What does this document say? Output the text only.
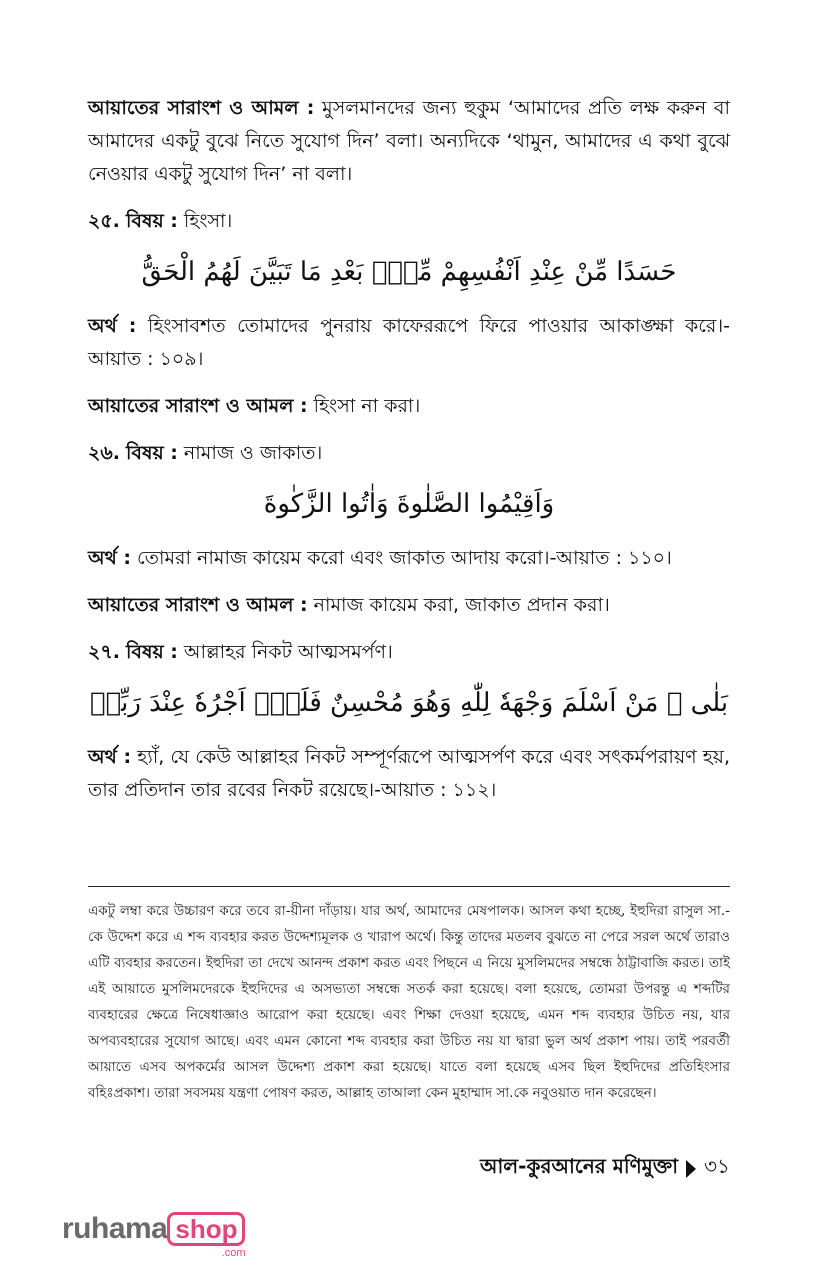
আয়াতের সারাংশ ও আমল : মুসলমানদের জন্য হুকুম ‘আমাদের প্রতি লক্ষ করুন বা আমাদের একটু বুঝে নিতে সুযোগ দিন’ বলা। অন্যদিকে ‘থামুন, আমাদের এ কথা বুঝে নেওয়ার একটু সুযোগ দিন’ না বলা।

২৫. বিষয় : হিংসা।
حَسَدًا مِّنْ عِنْدِ اَنْفُسِهِمْ مِّنْۢ بَعْدِ مَا تَبَيَّنَ لَهُمُ الْحَقُّ

অর্থ : হিংসাবশত তোমাদের পুনরায় কাফেররূপে ফিরে পাওয়ার আকাঙ্ক্ষা করে।-আয়াত : ১০৯।

আয়াতের সারাংশ ও আমল : হিংসা না করা।

২৬. বিষয় : নামাজ ও জাকাত।
وَاَقِيْمُوا الصَّلٰوةَ وَاٰتُوا الزَّكٰوةَ

অর্থ : তোমরা নামাজ কায়েম করো এবং জাকাত আদায় করো।-আয়াত : ১১০।

আয়াতের সারাংশ ও আমল : নামাজ কায়েম করা, জাকাত প্রদান করা।

২৭. বিষয় : আল্লাহর নিকট আত্মসমর্পণ।
بَلٰى ۚ مَنْ اَسْلَمَ وَجْهَهٗ لِلّٰهِ وَهُوَ مُحْسِنٌ فَلَهٗۤ اَجْرُهٗ عِنْدَ رَبِّهٖ

অর্থ : হ্যাঁ, যে কেউ আল্লাহর নিকট সম্পূর্ণরূপে আত্মসর্পণ করে এবং সৎকর্মপরায়ণ হয়, তার প্রতিদান তার রবের নিকট রয়েছে।-আয়াত : ১১২।

একটু লম্বা করে উচ্চারণ করে তবে রা-য়ীনা দাঁড়ায়। যার অর্থ, আমাদের মেষপালক। আসল কথা হচ্ছে, ইহুদিরা রাসুল সা.-কে উদ্দেশ করে এ শব্দ ব্যবহার করত উদ্দেশ্যমূলক ও খারাপ অর্থে। কিন্তু তাদের মতলব বুঝতে না পেরে সরল অর্থে তারাও এটি ব্যবহার করতেন। ইহুদিরা তা দেখে আনন্দ প্রকাশ করত এবং পিছনে এ নিয়ে মুসলিমদের সম্বন্ধে ঠাট্টাবাজি করত। তাই এই আয়াতে মুসলিমদেরকে ইহুদিদের এ অসভ্যতা সম্বন্ধে সতর্ক করা হয়েছে। বলা হয়েছে, তোমরা উপরন্তু এ শব্দটির ব্যবহারের ক্ষেত্রে নিষেধাজ্ঞাও আরোপ করা হয়েছে। এবং শিক্ষা দেওয়া হয়েছে, এমন শব্দ ব্যবহার উচিত নয়, যার অপব্যবহারের সুযোগ আছে। এবং এমন কোনো শব্দ ব্যবহার করা উচিত নয় যা দ্বারা ভুল অর্থ প্রকাশ পায়। তাই পরবর্তী আয়াতে এসব অপকর্মের আসল উদ্দেশ্য প্রকাশ করা হয়েছে। যাতে বলা হয়েছে এসব ছিল ইহুদিদের প্রতিহিংসার বহিঃপ্রকাশ। তারা সবসময় যন্ত্রণা পোষণ করত, আল্লাহ তাআলা কেন মুহাম্মাদ সা.কে নবুওয়াত দান করেছেন।
আল-কুরআনের মণিমুক্তা ৩১
ruhama shop
.com
